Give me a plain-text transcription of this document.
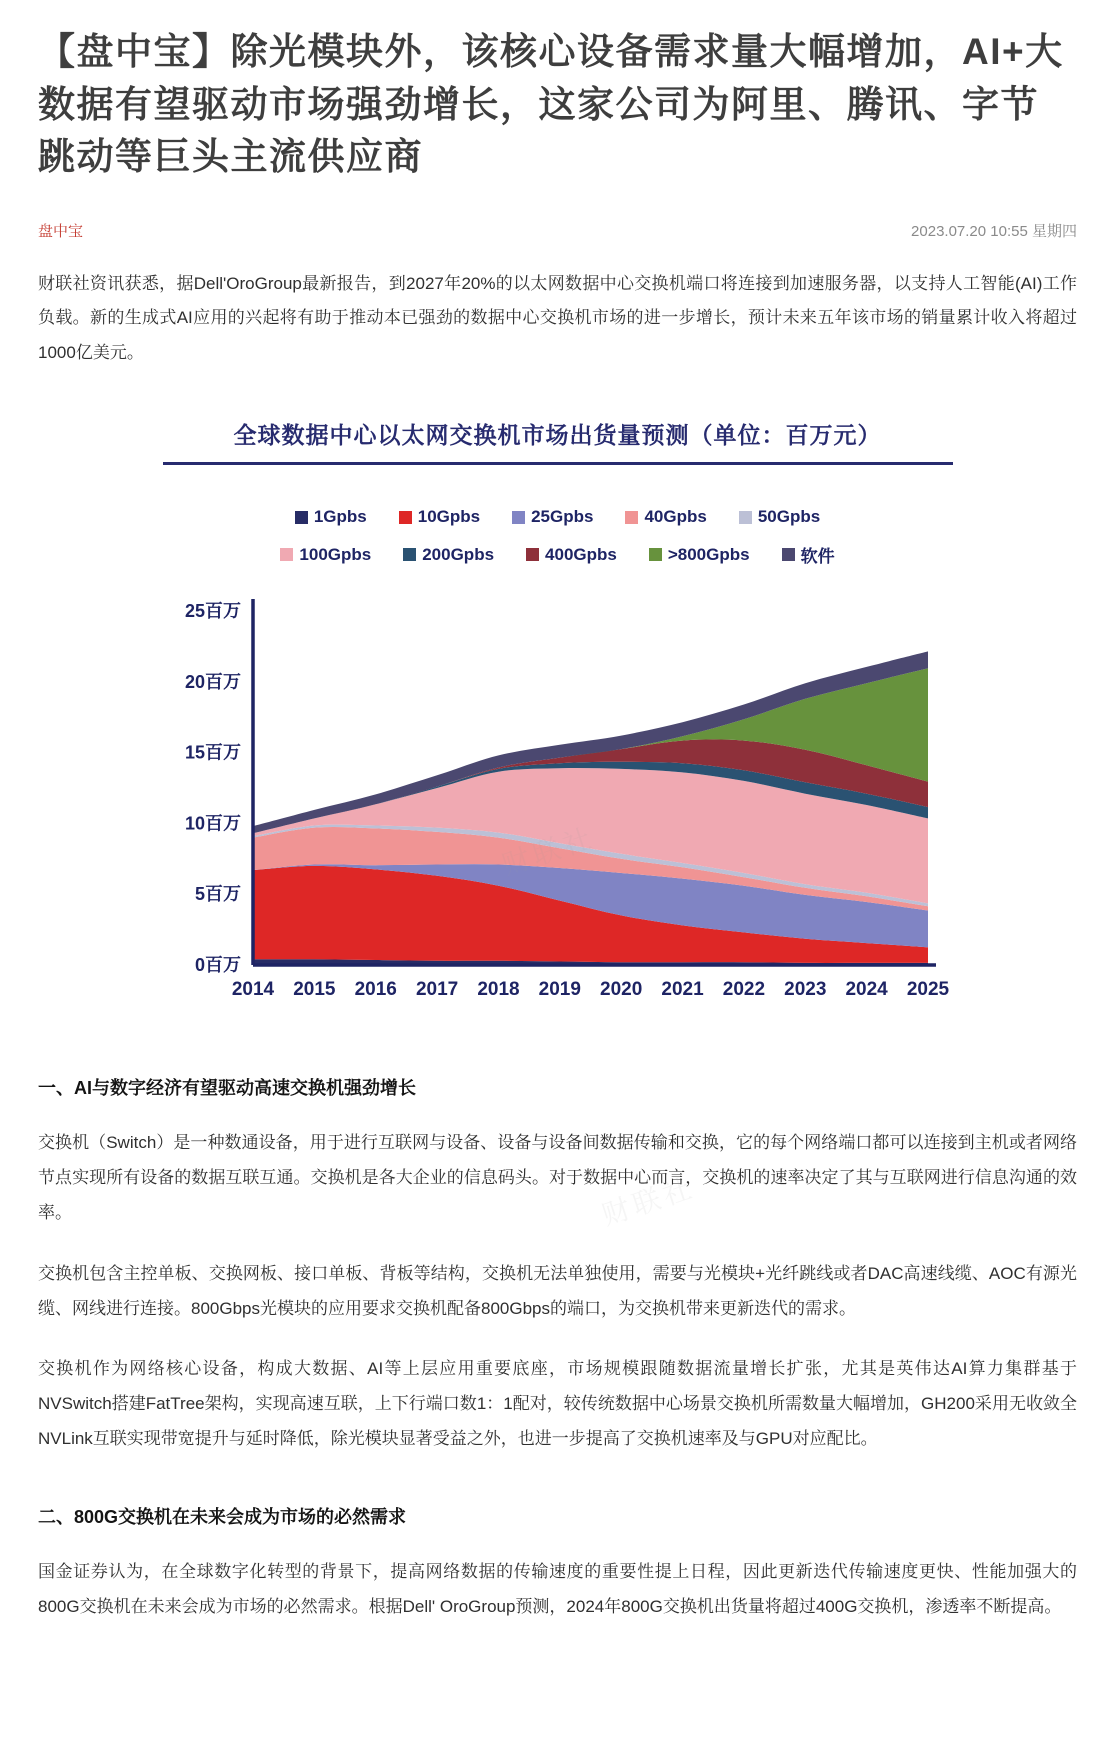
【盘中宝】除光模块外，该核心设备需求量大幅增加，AI+大数据有望驱动市场强劲增长，这家公司为阿里、腾讯、字节跳动等巨头主流供应商
盘中宝	2023.07.20 10:55 星期四

财联社资讯获悉，据Dell'OroGroup最新报告，到2027年20%的以太网数据中心交换机端口将连接到加速服务器，以支持人工智能(AI)工作负载。新的生成式AI应用的兴起将有助于推动本已强劲的数据中心交换机市场的进一步增长，预计未来五年该市场的销量累计收入将超过1000亿美元。

全球数据中心以太网交换机市场出货量预测（单位：百万元）
1Gpbs	10Gpbs	25Gpbs	40Gpbs	50Gpbs
100Gpbs	200Gpbs	400Gpbs	>800Gpbs	软件
0百万
5百万
10百万
15百万
20百万
25百万
2014 2015 2016 2017 2018 2019 2020 2021 2022 2023 2024 2025
一、AI与数字经济有望驱动高速交换机强劲增长

交换机（Switch）是一种数通设备，用于进行互联网与设备、设备与设备间数据传输和交换，它的每个网络端口都可以连接到主机或者网络节点实现所有设备的数据互联互通。交换机是各大企业的信息码头。对于数据中心而言，交换机的速率决定了其与互联网进行信息沟通的效率。

交换机包含主控单板、交换网板、接口单板、背板等结构，交换机无法单独使用，需要与光模块+光纤跳线或者DAC高速线缆、AOC有源光缆、网线进行连接。800Gbps光模块的应用要求交换机配备800Gbps的端口，为交换机带来更新迭代的需求。

交换机作为网络核心设备，构成大数据、AI等上层应用重要底座，市场规模跟随数据流量增长扩张，尤其是英伟达AI算力集群基于NVSwitch搭建FatTree架构，实现高速互联，上下行端口数1：1配对，较传统数据中心场景交换机所需数量大幅增加，GH200采用无收敛全NVLink互联实现带宽提升与延时降低，除光模块显著受益之外，也进一步提高了交换机速率及与GPU对应配比。

二、800G交换机在未来会成为市场的必然需求

国金证券认为，在全球数字化转型的背景下，提高网络数据的传输速度的重要性提上日程，因此更新迭代传输速度更快、性能加强大的800G交换机在未来会成为市场的必然需求。根据Dell' OroGroup预测，2024年800G交换机出货量将超过400G交换机，渗透率不断提高。

财联社
